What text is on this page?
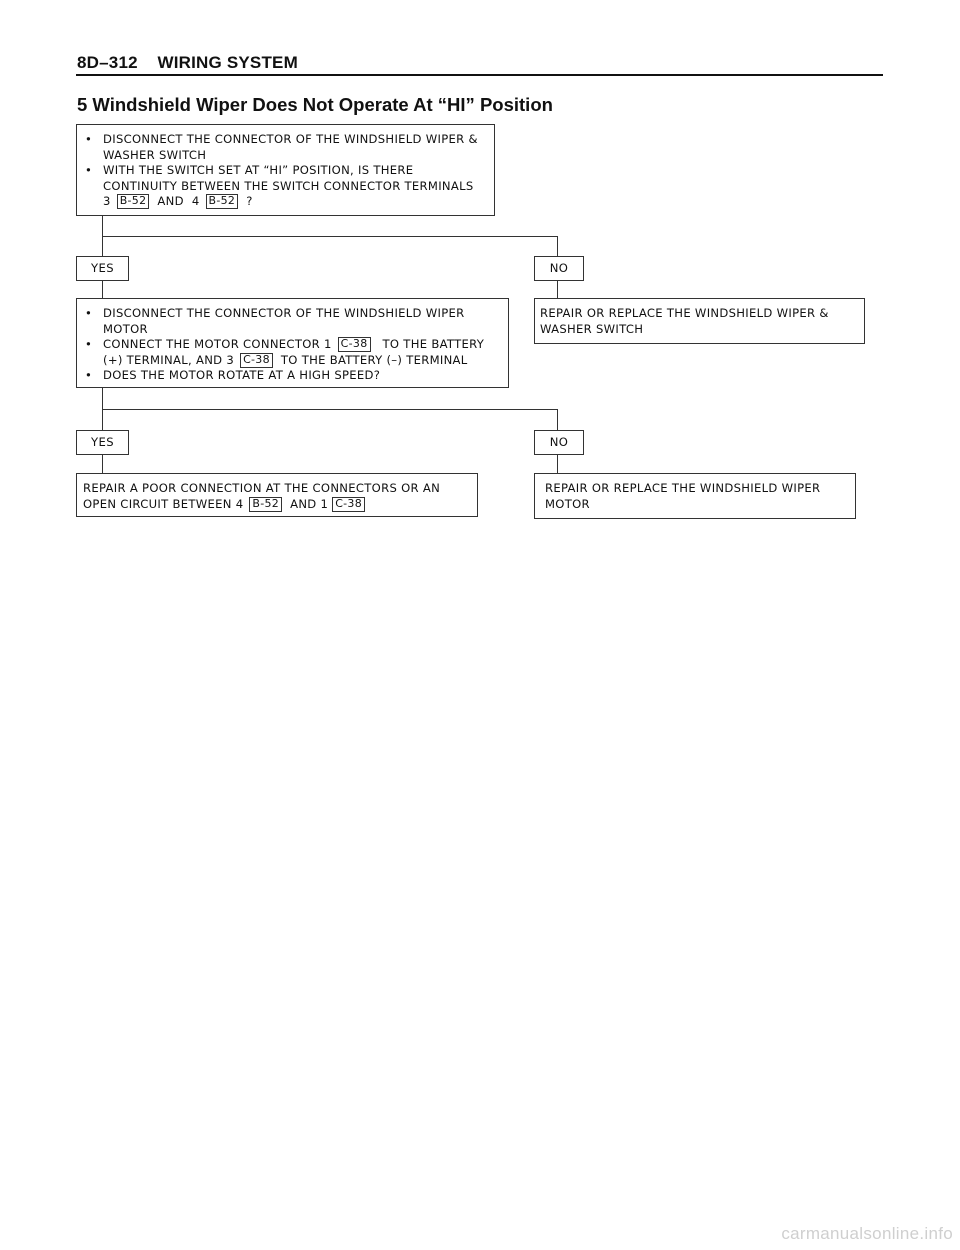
8D–312 WIRING SYSTEM
5 Windshield Wiper Does Not Operate At “HI” Position
• DISCONNECT THE CONNECTOR OF THE WINDSHIELD WIPER &
WASHER SWITCH
• WITH THE SWITCH SET AT “HI” POSITION, IS THERE
CONTINUITY BETWEEN THE SWITCH CONNECTOR TERMINALS
3 B-52 AND
4 B-52 ?
YES	NO
• DISCONNECT THE CONNECTOR OF THE WINDSHIELD WIPER
MOTOR
• CONNECT THE MOTOR CONNECTOR 1 C-38
TO THE BATTERY
(+) TERMINAL, AND 3 C-38 TO THE BATTERY (–) TERMINAL
• DOES THE MOTOR ROTATE AT A HIGH SPEED?
REPAIR OR REPLACE THE WINDSHIELD WIPER &
WASHER SWITCH
YES	NO
REPAIR A POOR CONNECTION AT THE CONNECTORS OR AN
OPEN CIRCUIT BETWEEN 4 B-52 AND 1 C-38
REPAIR OR REPLACE THE WINDSHIELD WIPER
MOTOR
carmanualsonline.info
